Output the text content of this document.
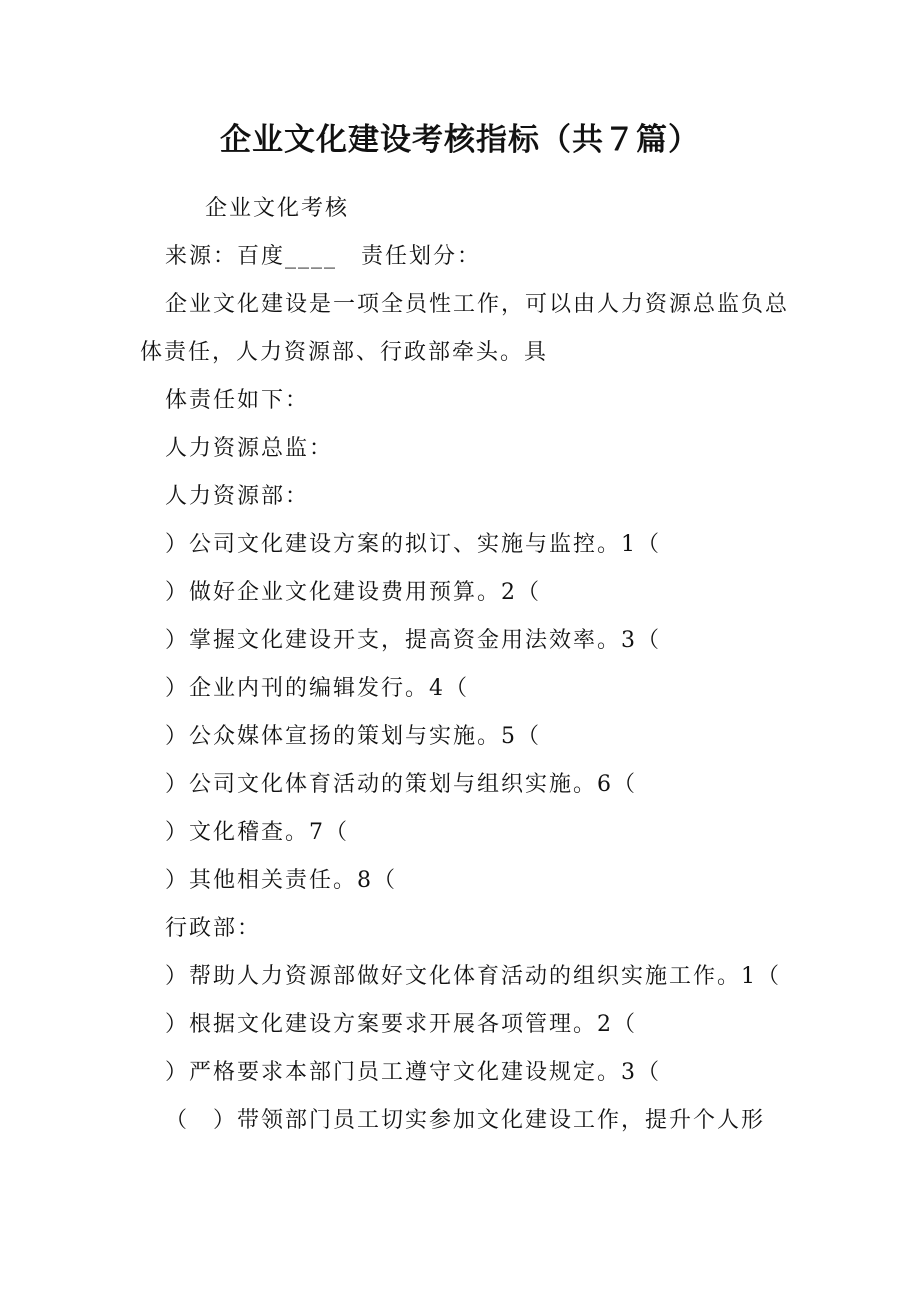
企业文化建设考核指标（共７篇）
企业文化考核
来源：百度____　责任划分：
企业文化建设是一项全员性工作，可以由人力资源总监负总体责任，人力资源部、行政部牵头。具
体责任如下：
人力资源总监：
人力资源部：
）公司文化建设方案的拟订、实施与监控。1（
）做好企业文化建设费用预算。2（
）掌握文化建设开支，提高资金用法效率。3（
）企业内刊的编辑发行。4（
）公众媒体宣扬的策划与实施。5（
）公司文化体育活动的策划与组织实施。6（
）文化稽查。7（
）其他相关责任。8（
行政部：
）帮助人力资源部做好文化体育活动的组织实施工作。1（
）根据文化建设方案要求开展各项管理。2（
）严格要求本部门员工遵守文化建设规定。3（
（　）带领部门员工切实参加文化建设工作，提升个人形
